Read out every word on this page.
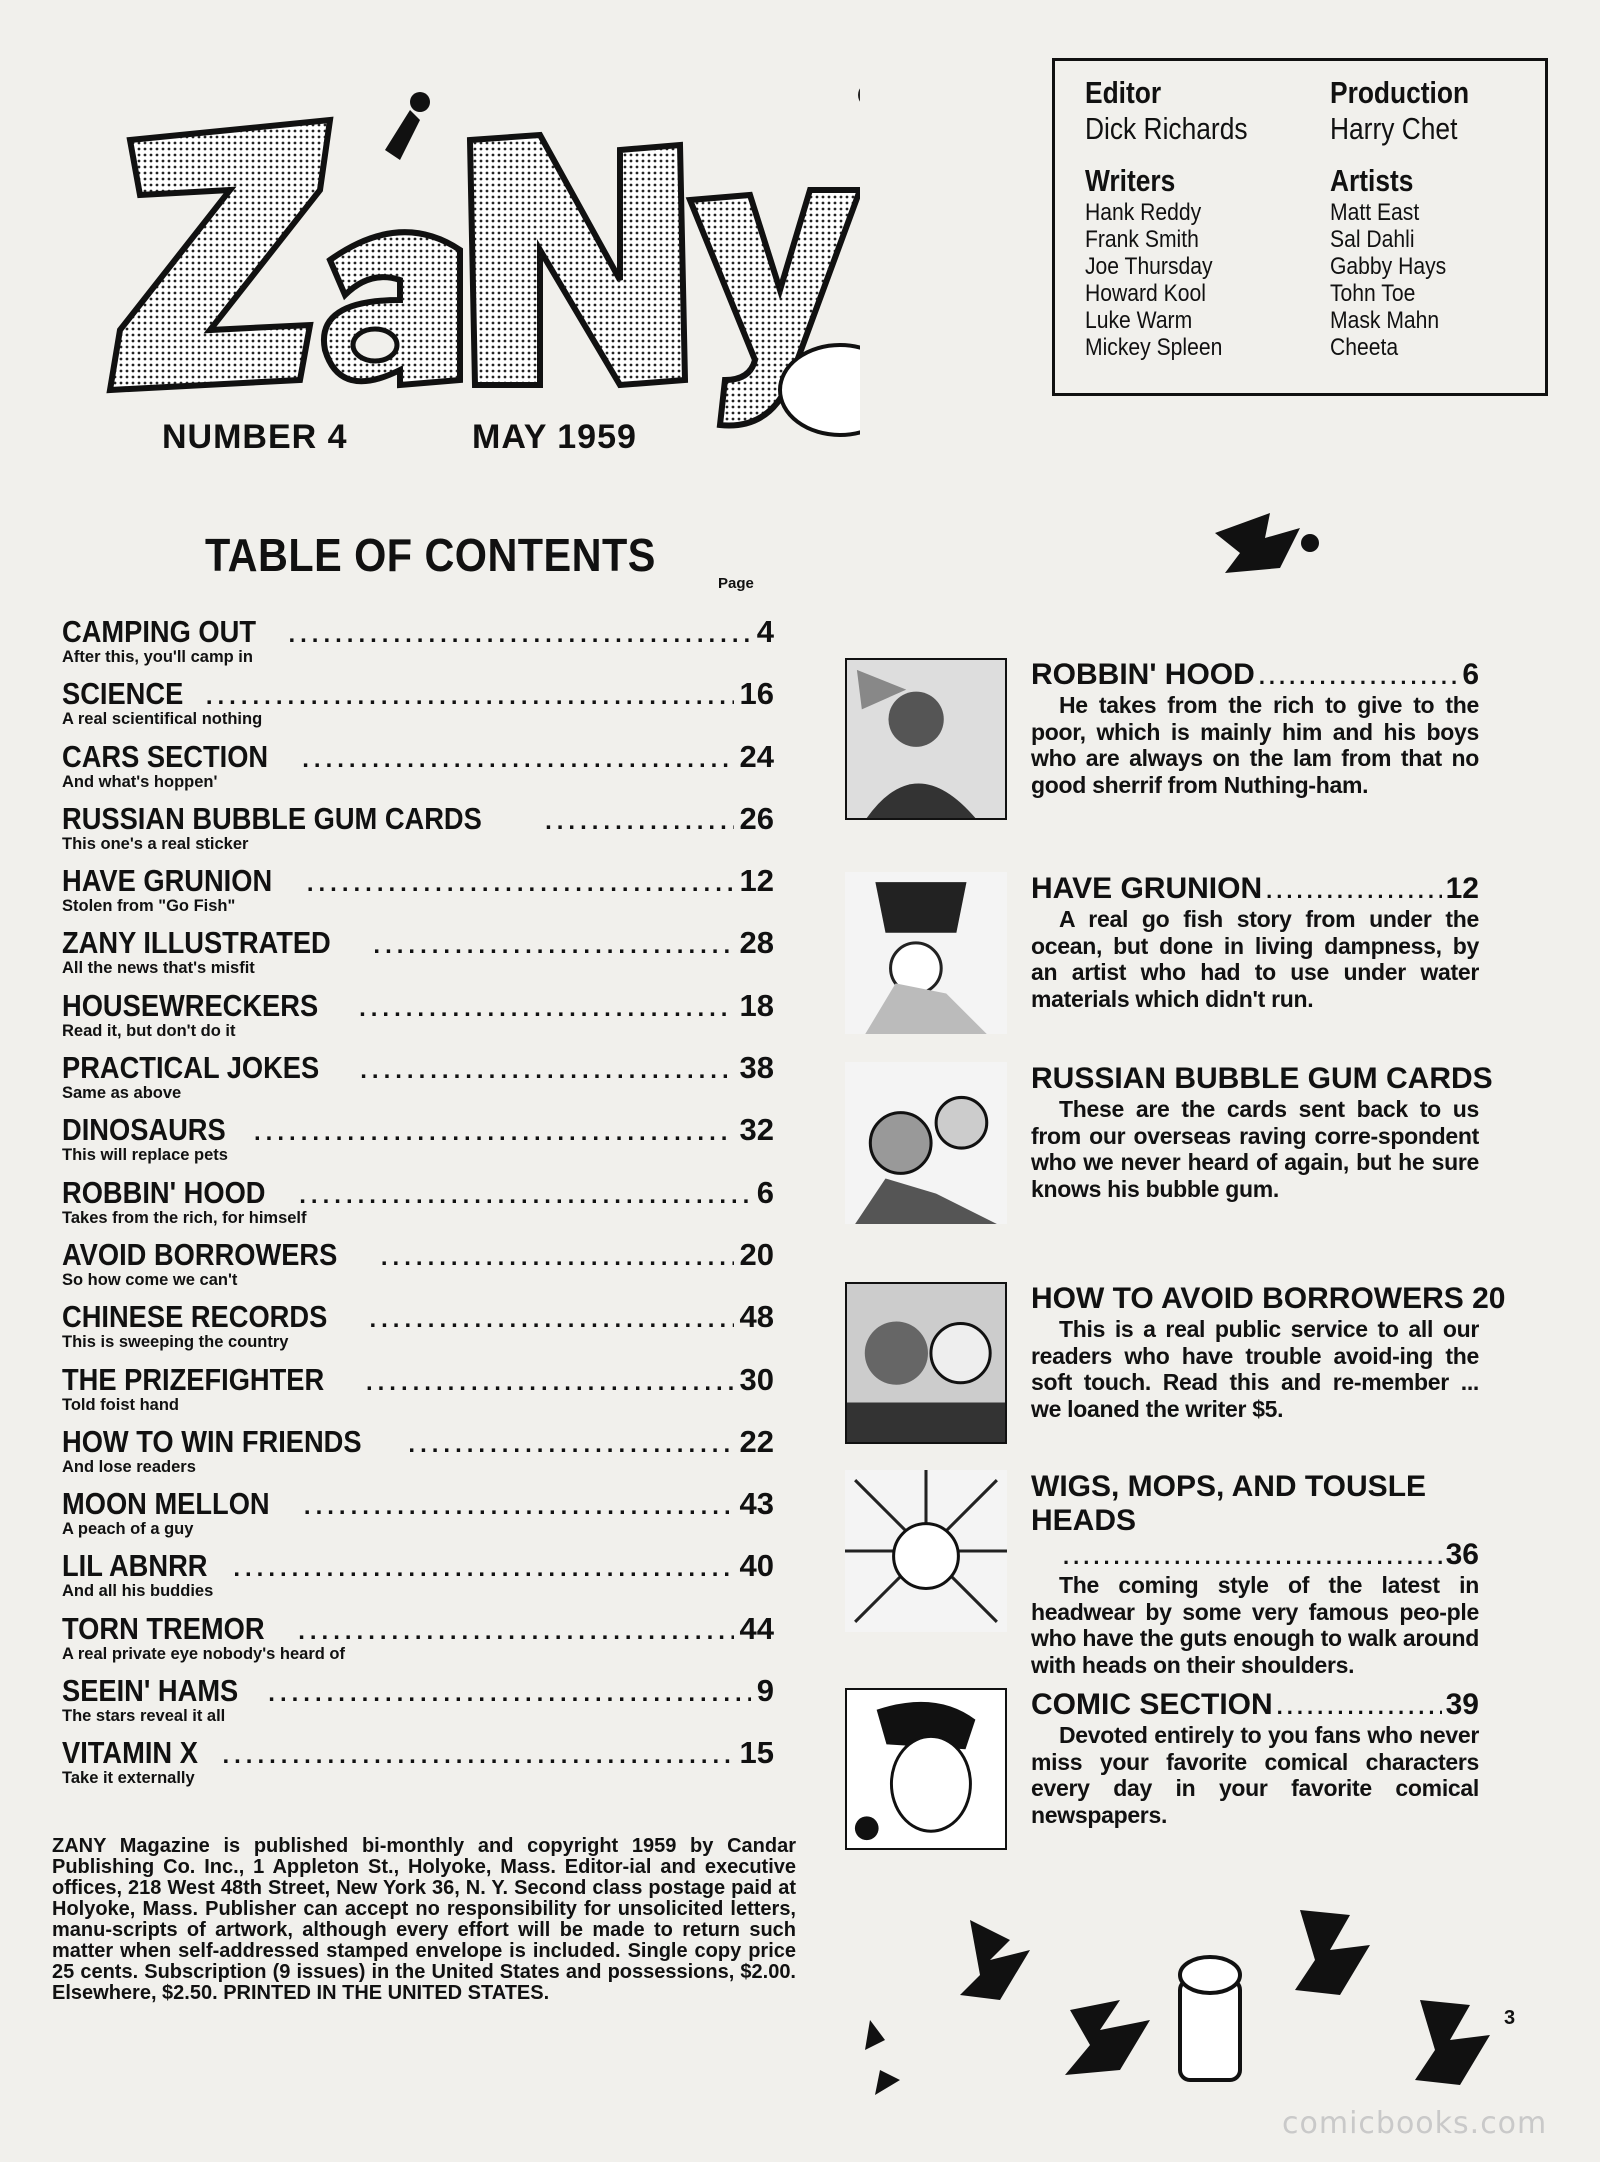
NUMBER 4	MAY 1959
Editor
Dick Richards
Writers
Hank Reddy
Frank Smith
Joe Thursday
Howard Kool
Luke Warm
Mickey Spleen
Production
Harry Chet
Artists
Matt East
Sal Dahli
Gabby Hays
Tohn Toe
Mask Mahn
Cheeta
TABLE OF CONTENTS
Page
CAMPING OUT .....	4
After this, you'll camp in
SCIENCE .....	16
A real scientifical nothing
CARS SECTION .....	24
And what's hoppen'
RUSSIAN BUBBLE GUM CARDS .....	26
This one's a real sticker
HAVE GRUNION .....	12
Stolen from "Go Fish"
ZANY ILLUSTRATED .....	28
All the news that's misfit
HOUSEWRECKERS .....	18
Read it, but don't do it
PRACTICAL JOKES .....	38
Same as above
DINOSAURS .....	32
This will replace pets
ROBBIN' HOOD .....	6
Takes from the rich, for himself
AVOID BORROWERS .....	20
So how come we can't
CHINESE RECORDS .....	48
This is sweeping the country
THE PRIZEFIGHTER .....	30
Told foist hand
HOW TO WIN FRIENDS .....	22
And lose readers
MOON MELLON .....	43
A peach of a guy
LIL ABNRR .....	40
And all his buddies
TORN TREMOR .....	44
A real private eye nobody's heard of
SEEIN' HAMS .....	9
The stars reveal it all
VITAMIN X .....	15
Take it externally
ROBBIN' HOOD .....	6
He takes from the rich to give to the poor, which is mainly him and his boys who are always on the lam from that no good sherrif from Nuthing-ham.
HAVE GRUNION .....	12
A real go fish story from under the ocean, but done in living dampness, by an artist who had to use under water materials which didn't run.
RUSSIAN BUBBLE GUM CARDS
These are the cards sent back to us from our overseas raving corre-spondent who we never heard of again, but he sure knows his bubble gum.
HOW TO AVOID BORROWERS
20
This is a real public service to all our readers who have trouble avoid-ing the soft touch. Read this and re-member ... we loaned the writer $5.
WIGS, MOPS, AND TOUSLE HEADS
.....
36
The coming style of the latest in headwear by some very famous peo-ple who have the guts enough to walk around with heads on their shoulders.
COMIC SECTION .....	39
Devoted entirely to you fans who never miss your favorite comical characters every day in your favorite comical newspapers.
ZANY Magazine is published bi-monthly and copyright 1959 by Candar Publishing Co. Inc., 1 Appleton St., Holyoke, Mass. Editor-ial and executive offices, 218 West 48th Street, New York 36, N. Y. Second class postage paid at Holyoke, Mass. Publisher can accept no responsibility for unsolicited letters, manu-scripts of artwork, although every effort will be made to return such matter when self-addressed stamped envelope is included. Single copy price 25 cents. Subscription (9 issues) in the United States and possessions, $2.00. Elsewhere, $2.50. PRINTED IN THE UNITED STATES.
3
comicbooks.com
